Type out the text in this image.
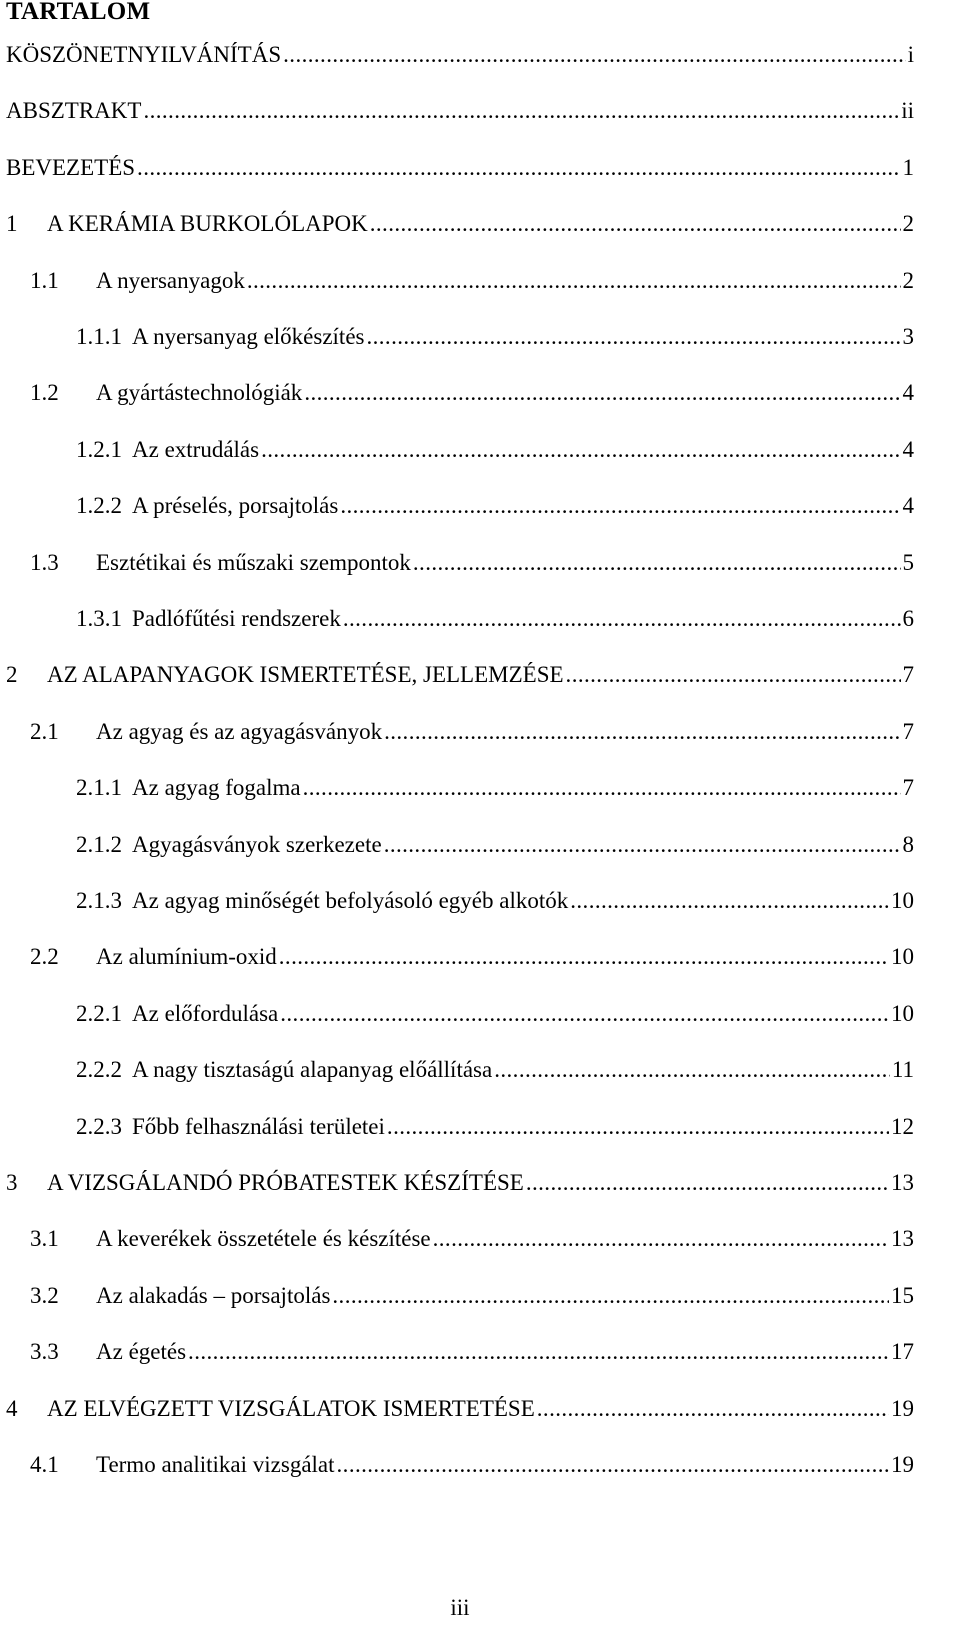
TARTALOM
KÖSZÖNETNYILVÁNÍTÁS .....	i
ABSZTRAKT .....	ii
BEVEZETÉS .....	1
1 A KERÁMIA BURKOLÓLAPOK .....	2
1.1 A nyersanyagok .....	2
1.1.1 A nyersanyag előkészítés .....	3
1.2 A gyártástechnológiák .....	4
1.2.1 Az extrudálás .....	4
1.2.2 A préselés, porsajtolás .....	4
1.3 Esztétikai és műszaki szempontok .....	5
1.3.1 Padlófűtési rendszerek .....	6
2 AZ ALAPANYAGOK ISMERTETÉSE, JELLEMZÉSE .....	7
2.1 Az agyag és az agyagásványok .....	7
2.1.1 Az agyag fogalma .....	7
2.1.2 Agyagásványok szerkezete .....	8
2.1.3 Az agyag minőségét befolyásoló egyéb alkotók .....	10
2.2 Az alumínium-oxid .....	10
2.2.1 Az előfordulása .....	10
2.2.2 A nagy tisztaságú alapanyag előállítása .....	11
2.2.3 Főbb felhasználási területei .....	12
3 A VIZSGÁLANDÓ PRÓBATESTEK KÉSZÍTÉSE .....	13
3.1 A keverékek összetétele és készítése .....	13
3.2 Az alakadás – porsajtolás .....	15
3.3 Az égetés .....	17
4 AZ ELVÉGZETT VIZSGÁLATOK ISMERTETÉSE .....	19
4.1 Termo analitikai vizsgálat .....	19
iii
